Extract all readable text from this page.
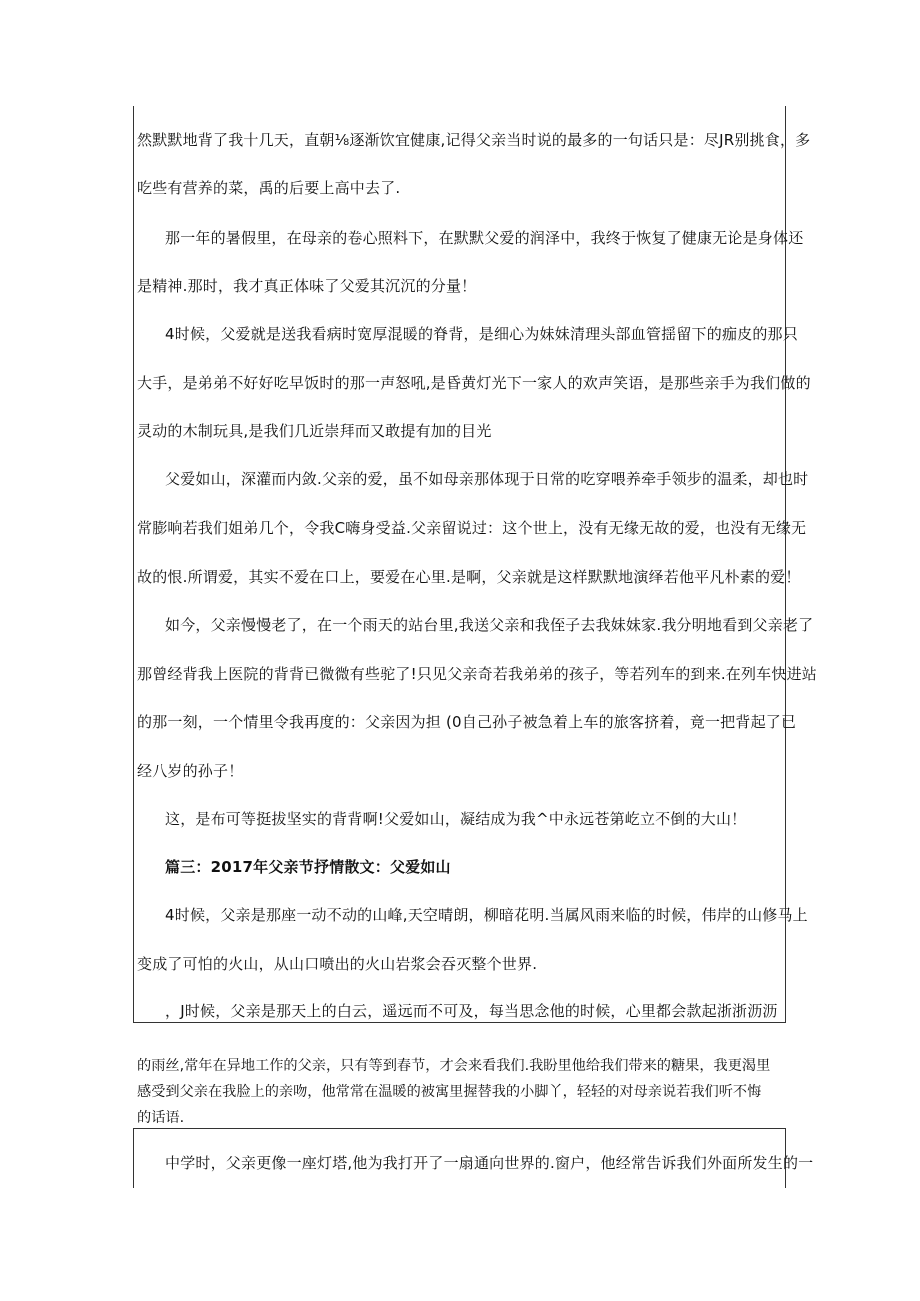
然默默地背了我十几天，直朝⅛逐渐饮宜健康,记得父亲当时说的最多的一句话只是：尽JR别挑食，多
吃些有营养的菜，禹的后要上高中去了.
那一年的暑假里，在母亲的卷心照料下，在默默父爱的润泽中，我终于恢复了健康无论是身体还
是精神.那时，我才真正体味了父爱其沉沉的分量！
4时候，父爱就是送我看病时宽厚混暖的脊背，是细心为妹妹清理头部血管揺留下的痂皮的那只
大手，是弟弟不好好吃早饭时的那一声怒吼,是昏黄灯光下一家人的欢声笑语，是那些亲手为我们做的
灵动的木制玩具,是我们几近崇拜而又敢提有加的目光
父爱如山，深灌而内敛.父亲的爱，虽不如母亲那体现于日常的吃穿喂养牵手领步的温柔，却也时
常膨响若我们姐弟几个，令我C嗨身受益.父亲留说过：这个世上，没有无缘无故的爱，也没有无缘无
故的恨.所谓爱，其实不爱在口上，要爱在心里.是啊，父亲就是这样默默地演绎若他平凡朴素的爱！
如今，父亲慢慢老了，在一个雨天的站台里,我送父亲和我侄子去我妹妹家.我分明地看到父亲老了
那曾经背我上医院的背背已微微有些驼了!只见父亲奇若我弟弟的孩子，等若列车的到来.在列车快进站
的那一刻，一个情里令我再度的：父亲因为担 (0自己孙子被急着上车的旅客挤着，竟一把背起了已
经八岁的孙子！
这，是布可等挺拔坚实的背背啊!父爱如山，凝结成为我^中永远苍第屹立不倒的大山！
篇三：2017年父亲节抒情散文：父爱如山
4时候，父亲是那座一动不动的山峰,天空晴朗，柳暗花明.当属风雨来临的时候，伟岸的山修马上
变成了可怕的火山，从山口喷出的火山岩浆会吞灭整个世界.
，J时候，父亲是那天上的白云，遥远而不可及，每当思念他的时候，心里都会款起浙浙沥沥
的雨丝,常年在异地工作的父亲，只有等到春节，才会来看我们.我盼里他给我们带来的糖果，我更渴里
感受到父亲在我脸上的亲吻，他常常在温暖的被寓里握替我的小脚丫，轻轻的对母亲说若我们听不悔
的话语.
中学时，父亲更像一座灯塔,他为我打开了一扇通向世界的.窗户，他经常告诉我们外面所发生的一
